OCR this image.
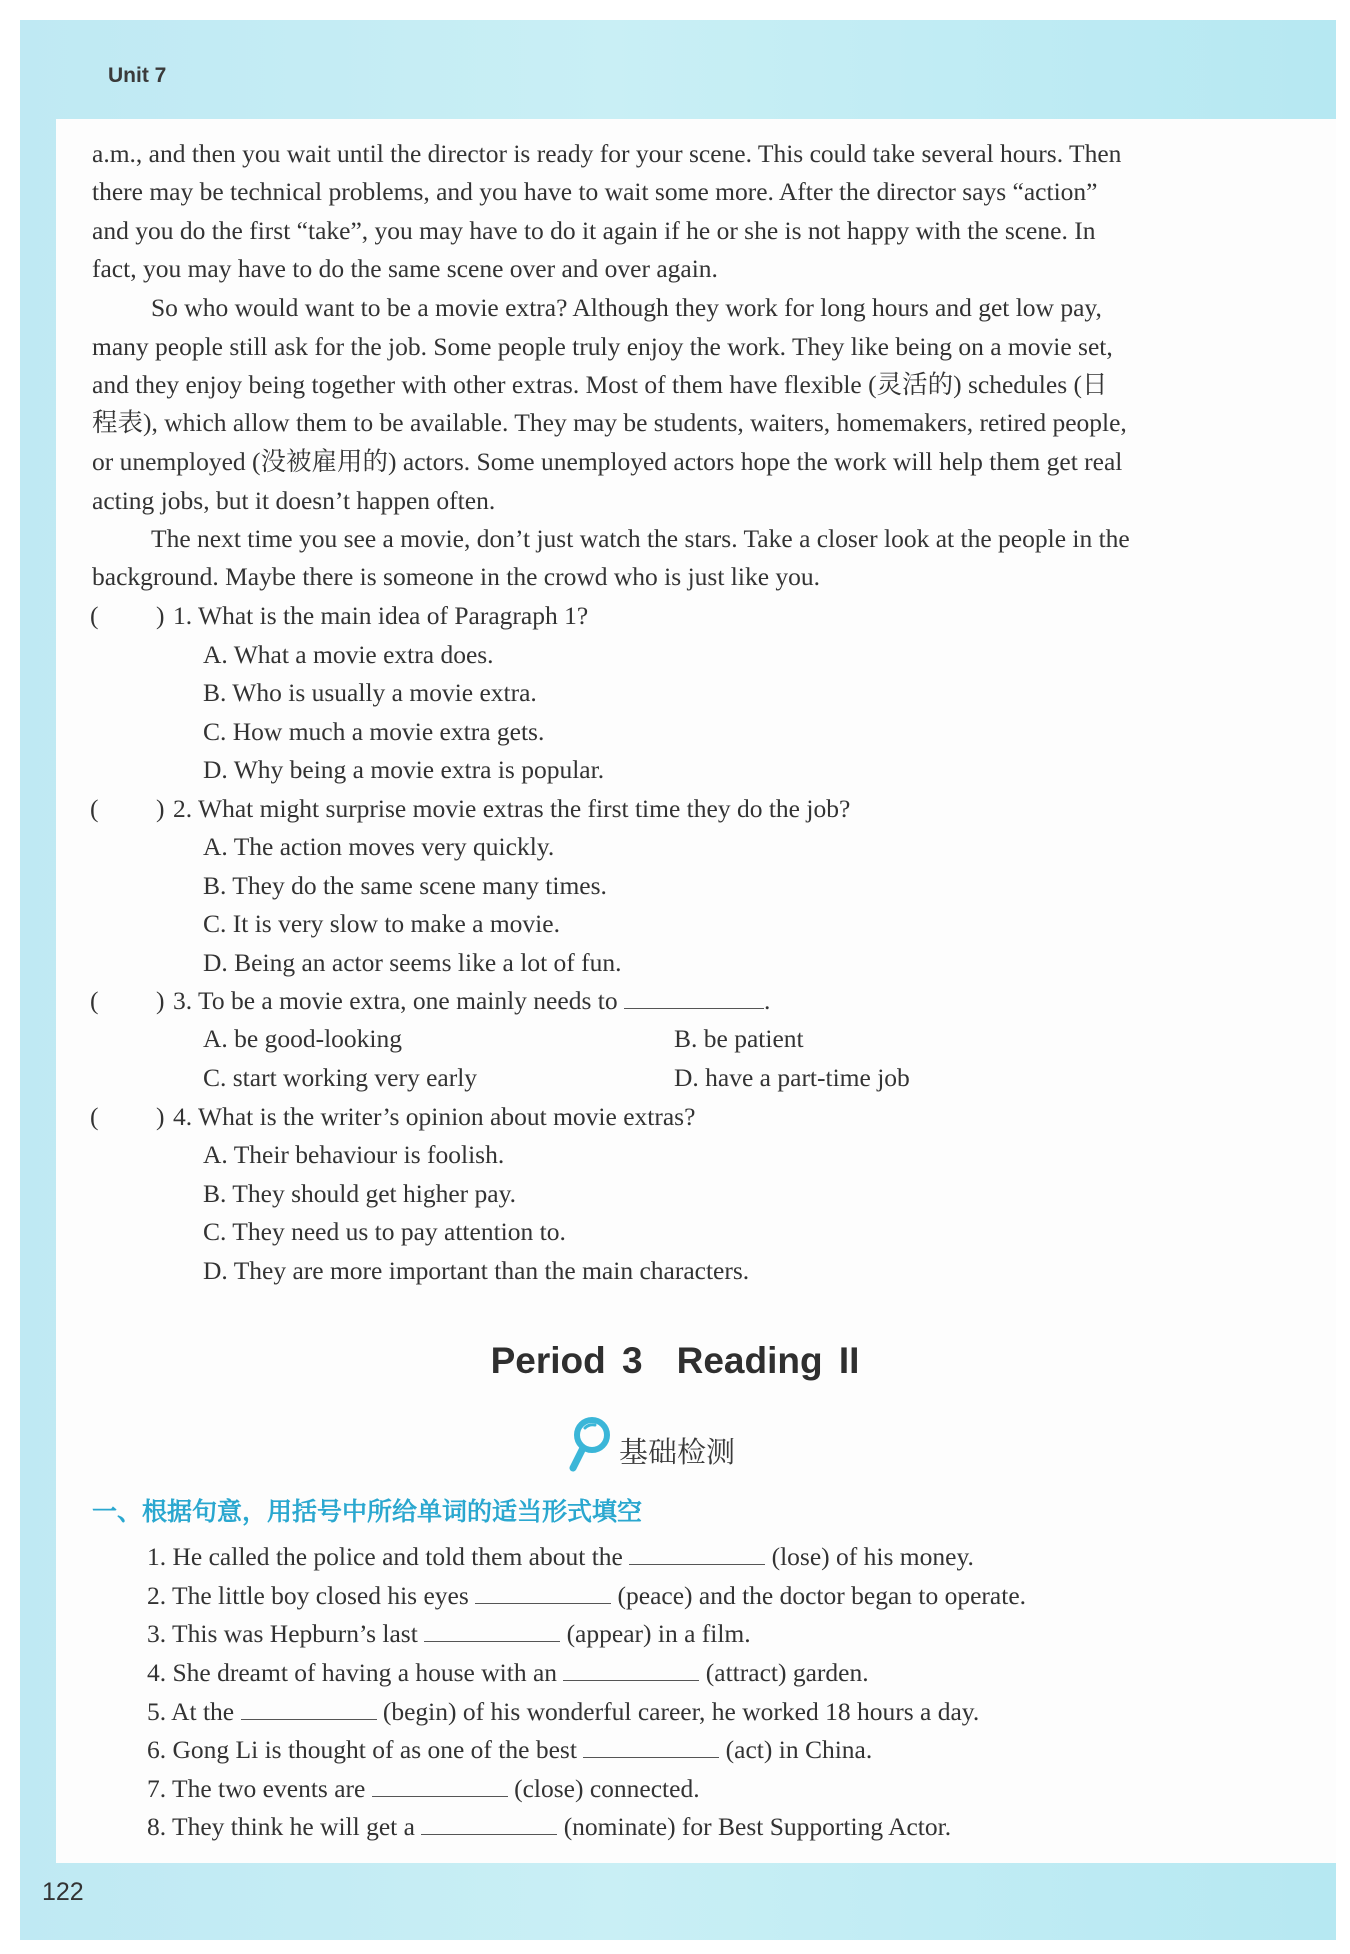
Unit 7
a.m., and then you wait until the director is ready for your scene. This could take several hours. Then
there may be technical problems, and you have to wait some more. After the director says “action”
and you do the first “take”, you may have to do it again if he or she is not happy with the scene. In
fact, you may have to do the same scene over and over again.
So who would want to be a movie extra? Although they work for long hours and get low pay,
many people still ask for the job. Some people truly enjoy the work. They like being on a movie set,
and they enjoy being together with other extras. Most of them have flexible (灵活的) schedules (日
程表), which allow them to be available. They may be students, waiters, homemakers, retired people,
or unemployed (没被雇用的) actors. Some unemployed actors hope the work will help them get real
acting jobs, but it doesn’t happen often.
The next time you see a movie, don’t just watch the stars. Take a closer look at the people in the
background. Maybe there is someone in the crowd who is just like you.
( ) 1. What is the main idea of Paragraph 1?
A. What a movie extra does.
B. Who is usually a movie extra.
C. How much a movie extra gets.
D. Why being a movie extra is popular.
( ) 2. What might surprise movie extras the first time they do the job?
A. The action moves very quickly.
B. They do the same scene many times.
C. It is very slow to make a movie.
D. Being an actor seems like a lot of fun.
( ) 3. To be a movie extra, one mainly needs to	.
A. be good-looking	B. be patient
C. start working very early	D. have a part-time job
( ) 4. What is the writer’s opinion about movie extras?
A. Their behaviour is foolish.
B. They should get higher pay.
C. They need us to pay attention to.
D. They are more important than the main characters.
Period 3 Reading II
基础检测
一、根据句意，用括号中所给单词的适当形式填空
1. He called the police and told them about the	(lose) of his money.
2. The little boy closed his eyes	(peace) and the doctor began to operate.
3. This was Hepburn’s last	(appear) in a film.
4. She dreamt of having a house with an	(attract) garden.
5. At the	(begin) of his wonderful career, he worked 18 hours a day.
6. Gong Li is thought of as one of the best	(act) in China.
7. The two events are	(close) connected.
8. They think he will get a	(nominate) for Best Supporting Actor.
122
